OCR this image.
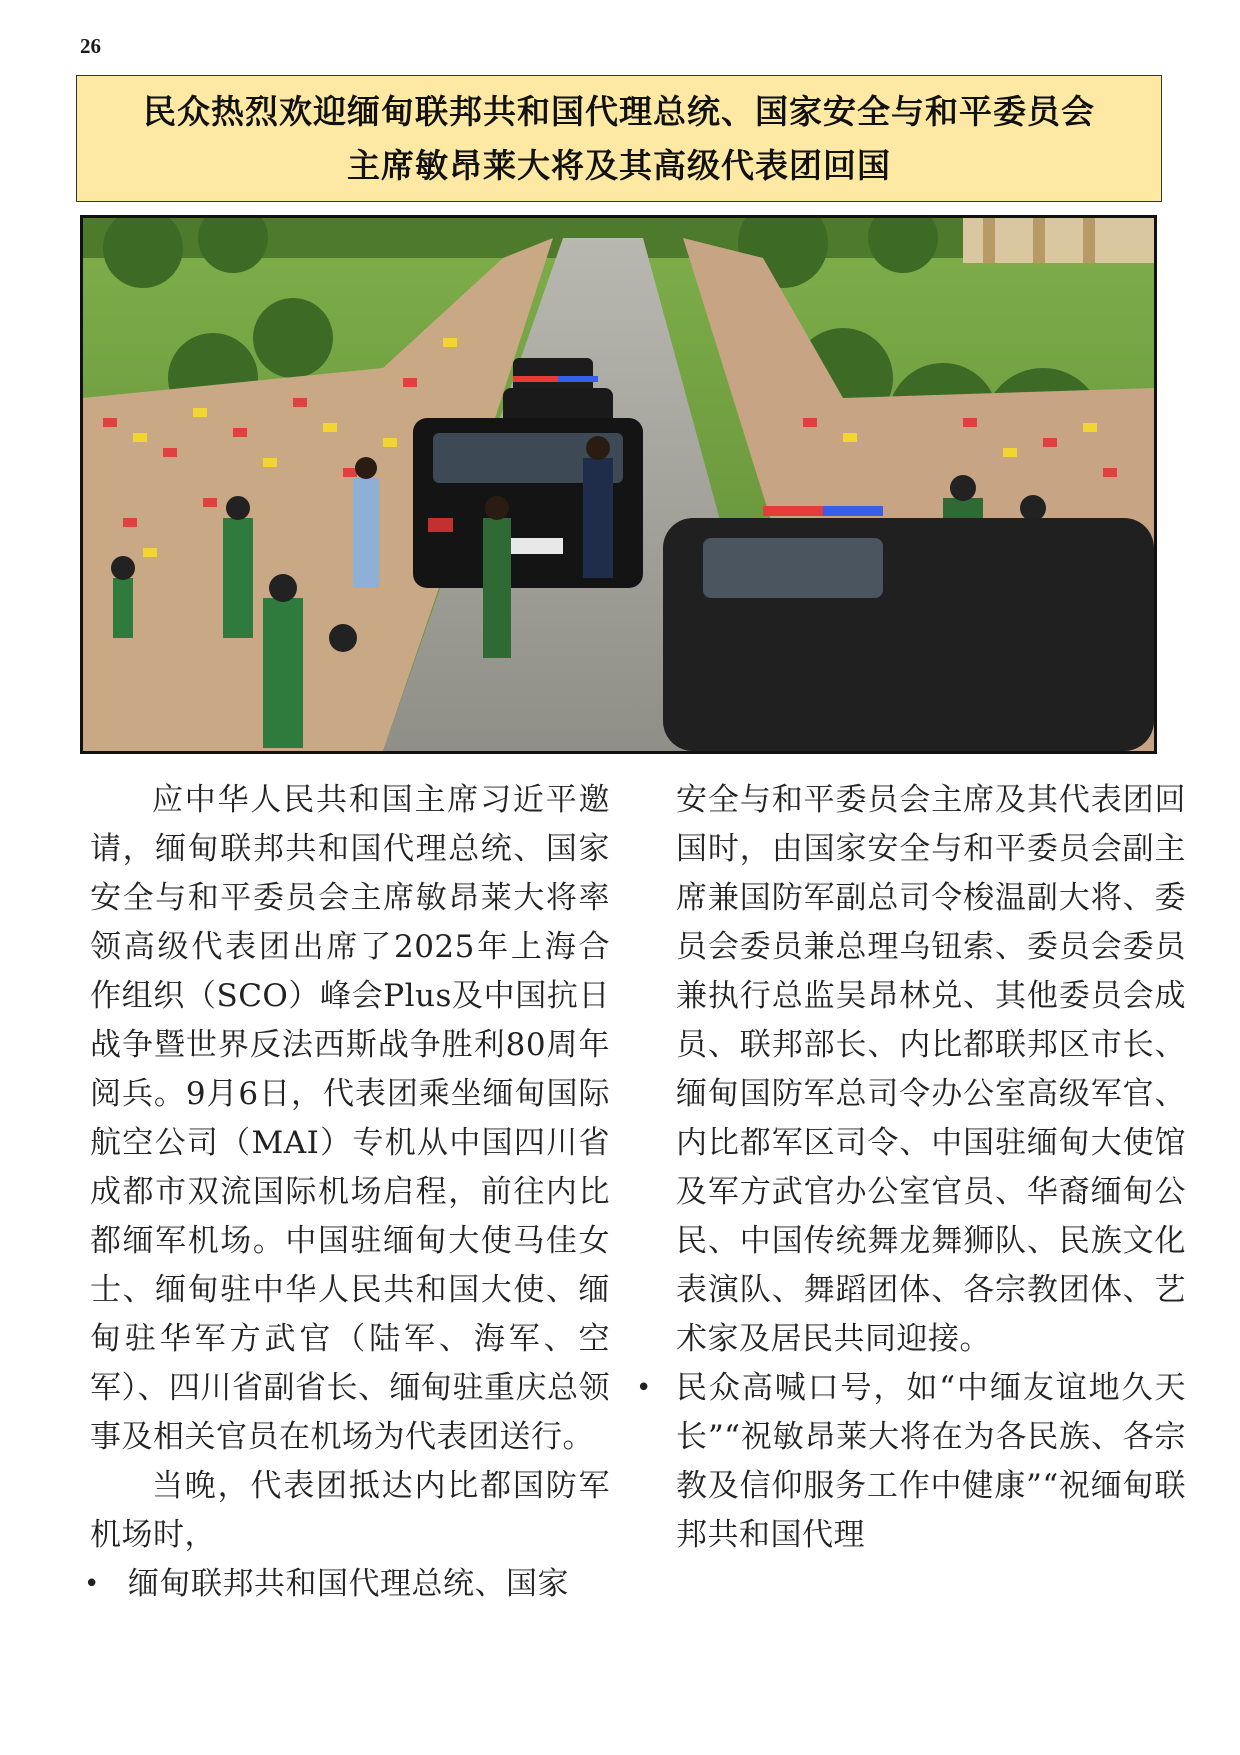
26
民众热烈欢迎缅甸联邦共和国代理总统、国家安全与和平委员会
主席敏昂莱大将及其高级代表团回国

应中华人民共和国主席习近平邀请，缅甸联邦共和国代理总统、国家安全与和平委员会主席敏昂莱大将率领高级代表团出席了2025年上海合作组织（SCO）峰会Plus及中国抗日战争暨世界反法西斯战争胜利80周年阅兵。9月6日，代表团乘坐缅甸国际航空公司（MAI）专机从中国四川省成都市双流国际机场启程，前往内比都缅军机场。中国驻缅甸大使马佳女士、缅甸驻中华人民共和国大使、缅甸驻华军方武官（陆军、海军、空军）、四川省副省长、缅甸驻重庆总领事及相关官员在机场为代表团送行。

当晚，代表团抵达内比都国防军机场时，

• 缅甸联邦共和国代理总统、国家

安全与和平委员会主席及其代表团回国时，由国家安全与和平委员会副主席兼国防军副总司令梭温副大将、委员会委员兼总理乌钮索、委员会委员兼执行总监吴昂林兑、其他委员会成员、联邦部长、内比都联邦区市长、缅甸国防军总司令办公室高级军官、内比都军区司令、中国驻缅甸大使馆及军方武官办公室官员、华裔缅甸公民、中国传统舞龙舞狮队、民族文化表演队、舞蹈团体、各宗教团体、艺术家及居民共同迎接。

• 民众高喊口号，如“中缅友谊地久天长”“祝敏昂莱大将在为各民族、各宗教及信仰服务工作中健康”“祝缅甸联邦共和国代理
